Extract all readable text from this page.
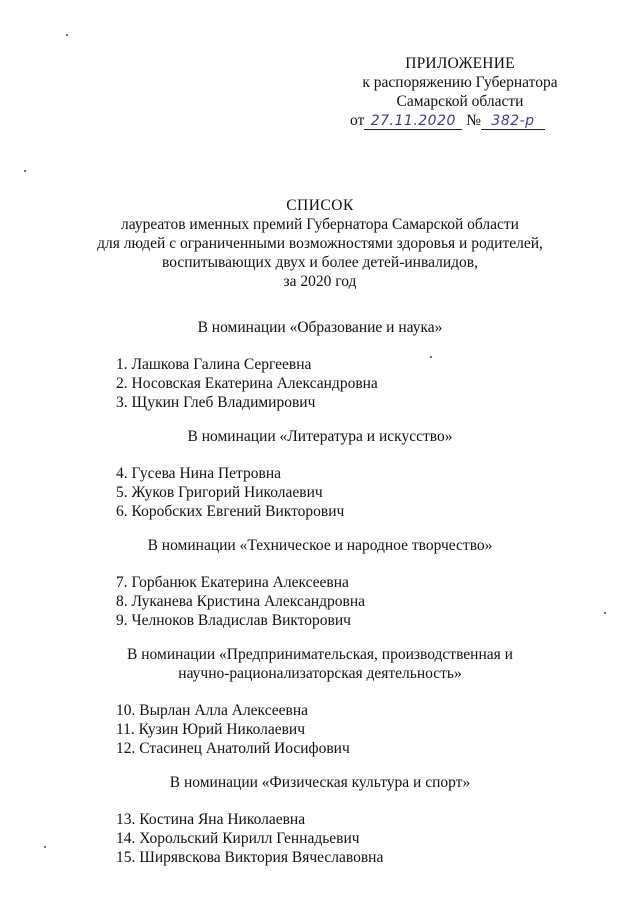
ПРИЛОЖЕНИЕ
к распоряжению Губернатора
Самарской области
от 27.11.2020 № 382-р
СПИСОК
лауреатов именных премий Губернатора Самарской области
для людей с ограниченными возможностями здоровья и родителей,
воспитывающих двух и более детей-инвалидов,
за 2020 год
В номинации «Образование и наука»
1. Лашкова Галина Сергеевна
2. Носовская Екатерина Александровна
3. Щукин Глеб Владимирович
В номинации «Литература и искусство»
4. Гусева Нина Петровна
5. Жуков Григорий Николаевич
6. Коробских Евгений Викторович
В номинации «Техническое и народное творчество»
7. Горбанюк Екатерина Алексеевна
8. Луканева Кристина Александровна
9. Челноков Владислав Викторович
В номинации «Предпринимательская, производственная и
научно-рационализаторская деятельность»
10. Вырлан Алла Алексеевна
11. Кузин Юрий Николаевич
12. Стасинец Анатолий Иосифович
В номинации «Физическая культура и спорт»
13. Костина Яна Николаевна
14. Хорольский Кирилл Геннадьевич
15. Ширявскова Виктория Вячеславовна
